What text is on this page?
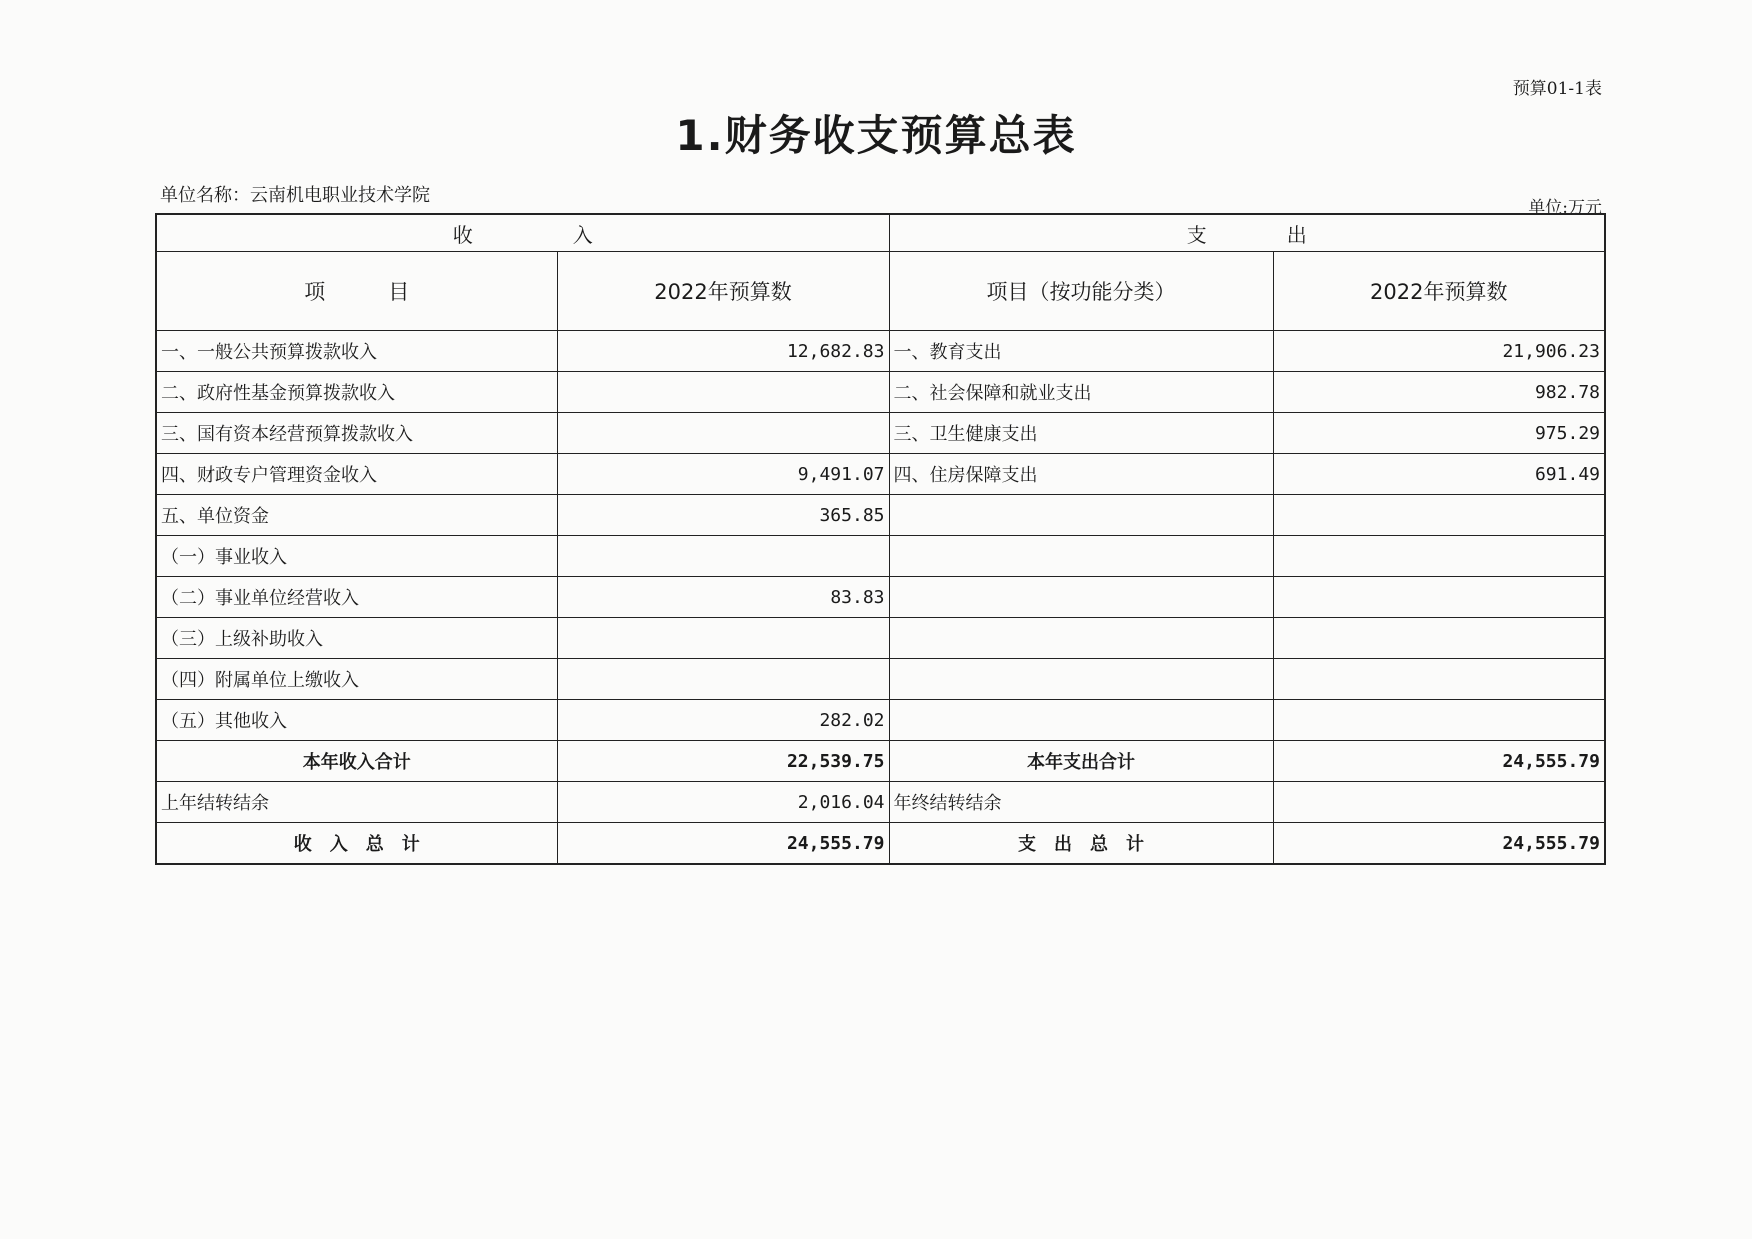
预算01-1表
1.财务收支预算总表
单位名称：云南机电职业技术学院
单位:万元
收　　　　　入		支　　　　出	
项　　　目	2022年预算数	项目（按功能分类）	2022年预算数
一、一般公共预算拨款收入	12,682.83	一、教育支出	21,906.23
二、政府性基金预算拨款收入		二、社会保障和就业支出	982.78
三、国有资本经营预算拨款收入		三、卫生健康支出	975.29
四、财政专户管理资金收入	9,491.07	四、住房保障支出	691.49
五、单位资金	365.85		
（一）事业收入			
（二）事业单位经营收入	83.83		
（三）上级补助收入			
（四）附属单位上缴收入			
（五）其他收入	282.02		
本年收入合计	22,539.75	本年支出合计	24,555.79
上年结转结余	2,016.04	年终结转结余	
收　入　总　计	24,555.79	支　出　总　计	24,555.79
